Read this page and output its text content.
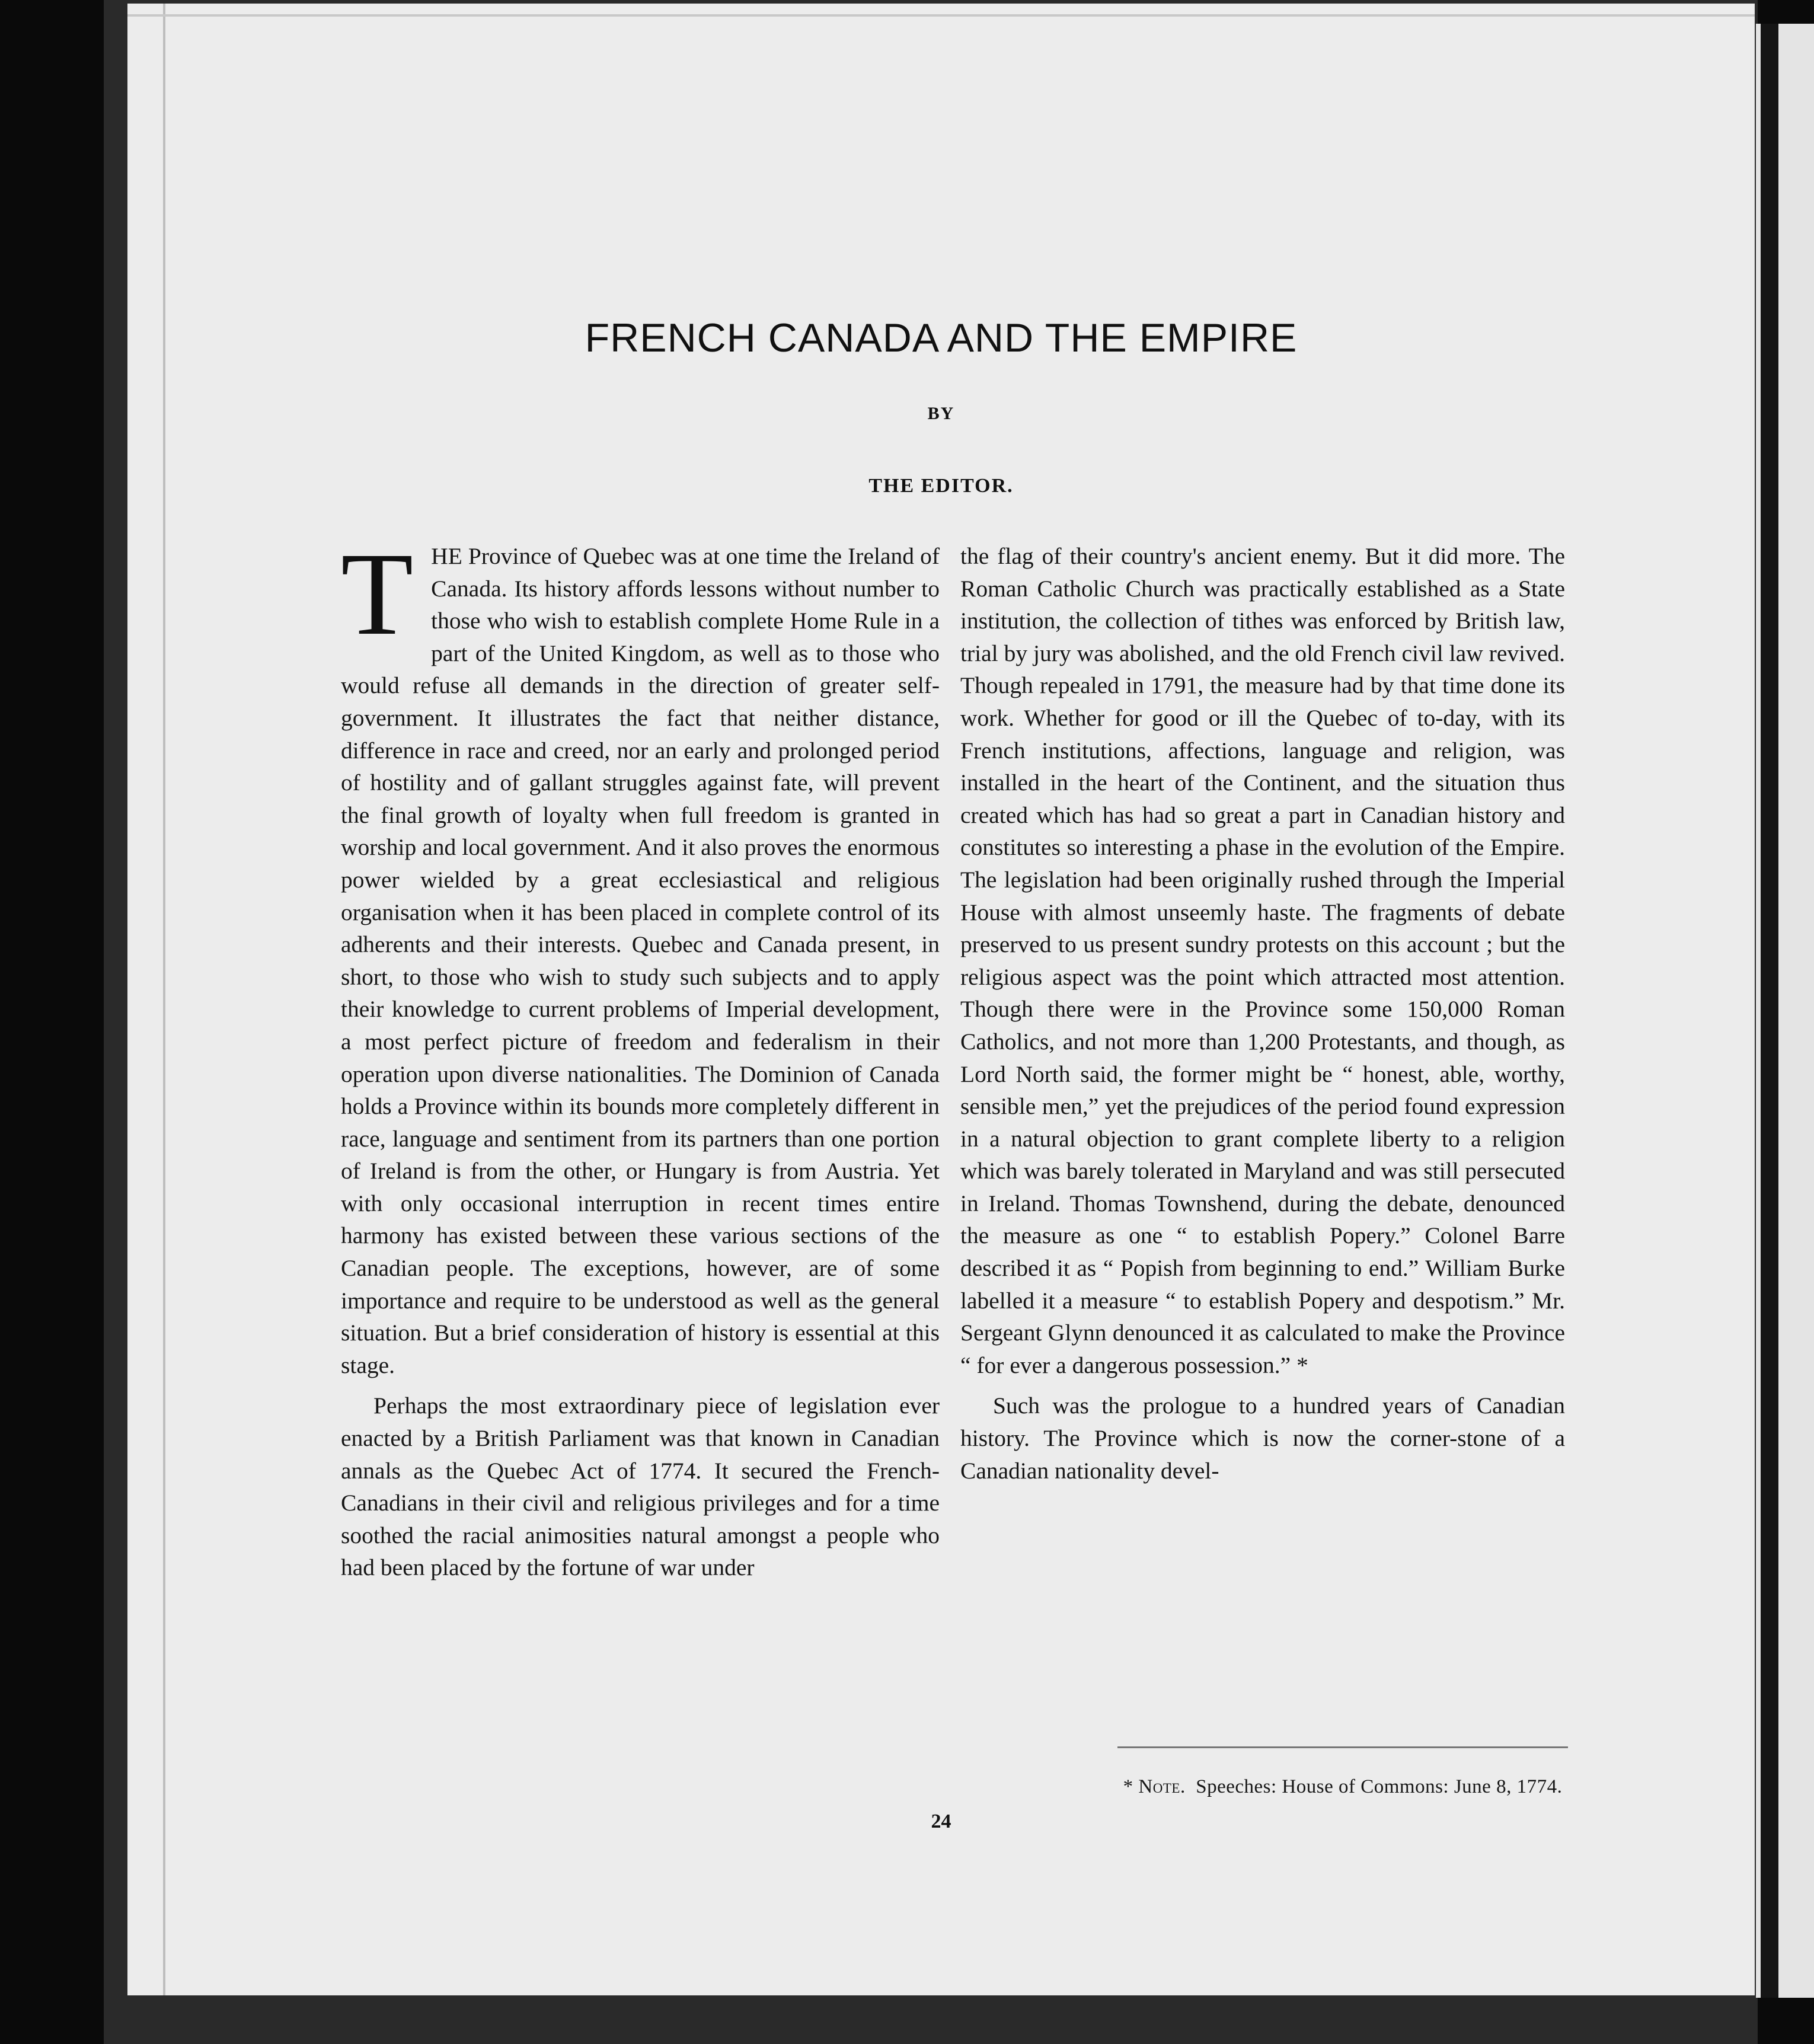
FRENCH CANADA AND THE EMPIRE
BY
THE EDITOR.

THE Province of Quebec was at one time the Ireland of Canada. Its history affords lessons without number to those who wish to establish complete Home Rule in a part of the United Kingdom, as well as to those who would refuse all demands in the direction of greater self-government. It illustrates the fact that neither distance, difference in race and creed, nor an early and prolonged period of hostility and of gallant struggles against fate, will prevent the final growth of loyalty when full freedom is granted in worship and local government. And it also proves the enormous power wielded by a great ecclesiastical and religious organisation when it has been placed in complete control of its adherents and their interests. Quebec and Canada present, in short, to those who wish to study such subjects and to apply their knowledge to current problems of Imperial development, a most perfect picture of freedom and federalism in their operation upon diverse nationalities. The Dominion of Canada holds a Province within its bounds more completely different in race, language and sentiment from its partners than one portion of Ireland is from the other, or Hungary is from Austria. Yet with only occasional interruption in recent times entire harmony has existed between these various sections of the Canadian people. The exceptions, however, are of some importance and require to be understood as well as the general situation. But a brief consideration of history is essential at this stage.

Perhaps the most extraordinary piece of legislation ever enacted by a British Parliament was that known in Canadian annals as the Quebec Act of 1774. It secured the French-Canadians in their civil and religious privileges and for a time soothed the racial animosities natural amongst a people who had been placed by the fortune of war under

the flag of their country's ancient enemy. But it did more. The Roman Catholic Church was practically established as a State institution, the collection of tithes was enforced by British law, trial by jury was abolished, and the old French civil law revived. Though repealed in 1791, the measure had by that time done its work. Whether for good or ill the Quebec of to-day, with its French institutions, affections, language and religion, was installed in the heart of the Continent, and the situation thus created which has had so great a part in Canadian history and constitutes so interesting a phase in the evolution of the Empire. The legislation had been originally rushed through the Imperial House with almost unseemly haste. The fragments of debate preserved to us present sundry protests on this account ; but the religious aspect was the point which attracted most attention. Though there were in the Province some 150,000 Roman Catholics, and not more than 1,200 Protestants, and though, as Lord North said, the former might be “ honest, able, worthy, sensible men,” yet the prejudices of the period found expression in a natural objection to grant complete liberty to a religion which was barely tolerated in Maryland and was still persecuted in Ireland. Thomas Townshend, during the debate, denounced the measure as one “ to establish Popery.” Colonel Barre described it as “ Popish from beginning to end.” William Burke labelled it a measure “ to establish Popery and despotism.” Mr. Sergeant Glynn denounced it as calculated to make the Province “ for ever a dangerous possession.” *

Such was the prologue to a hundred years of Canadian history. The Province which is now the corner-stone of a Canadian nationality devel-

* Note. Speeches: House of Commons: June 8, 1774.
24
